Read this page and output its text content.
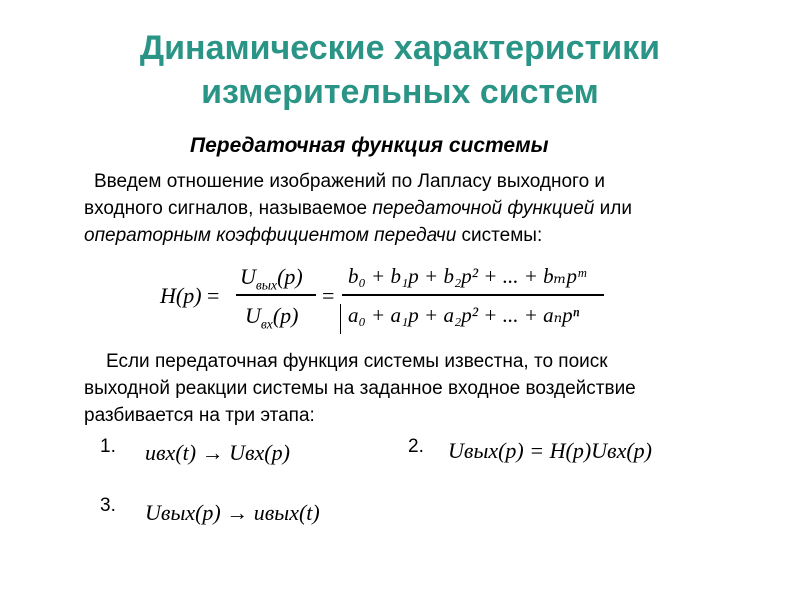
Динамические характеристики
измерительных систем
Передаточная функция системы
Введем отношение изображений по Лапласу выходного и
входного сигналов, называемое передаточной функцией или
операторным коэффициентом передачи системы:
H(p) =
$U_{вых}(p)$
$U_{вх}(p)$
=
b₀ + b₁p + b₂p² + ... + bₘpᵐ
a₀ + a₁p + a₂p² + ... + aₙpⁿ
Если передаточная функция системы известна, то поиск
выходной реакции системы на заданное входное воздействие
разбивается на три этапа:
1. uвх(t) → Uвх(p)	2. Uвых(p) = H(p)Uвх(p)
3. Uвых(p) → uвых(t)
